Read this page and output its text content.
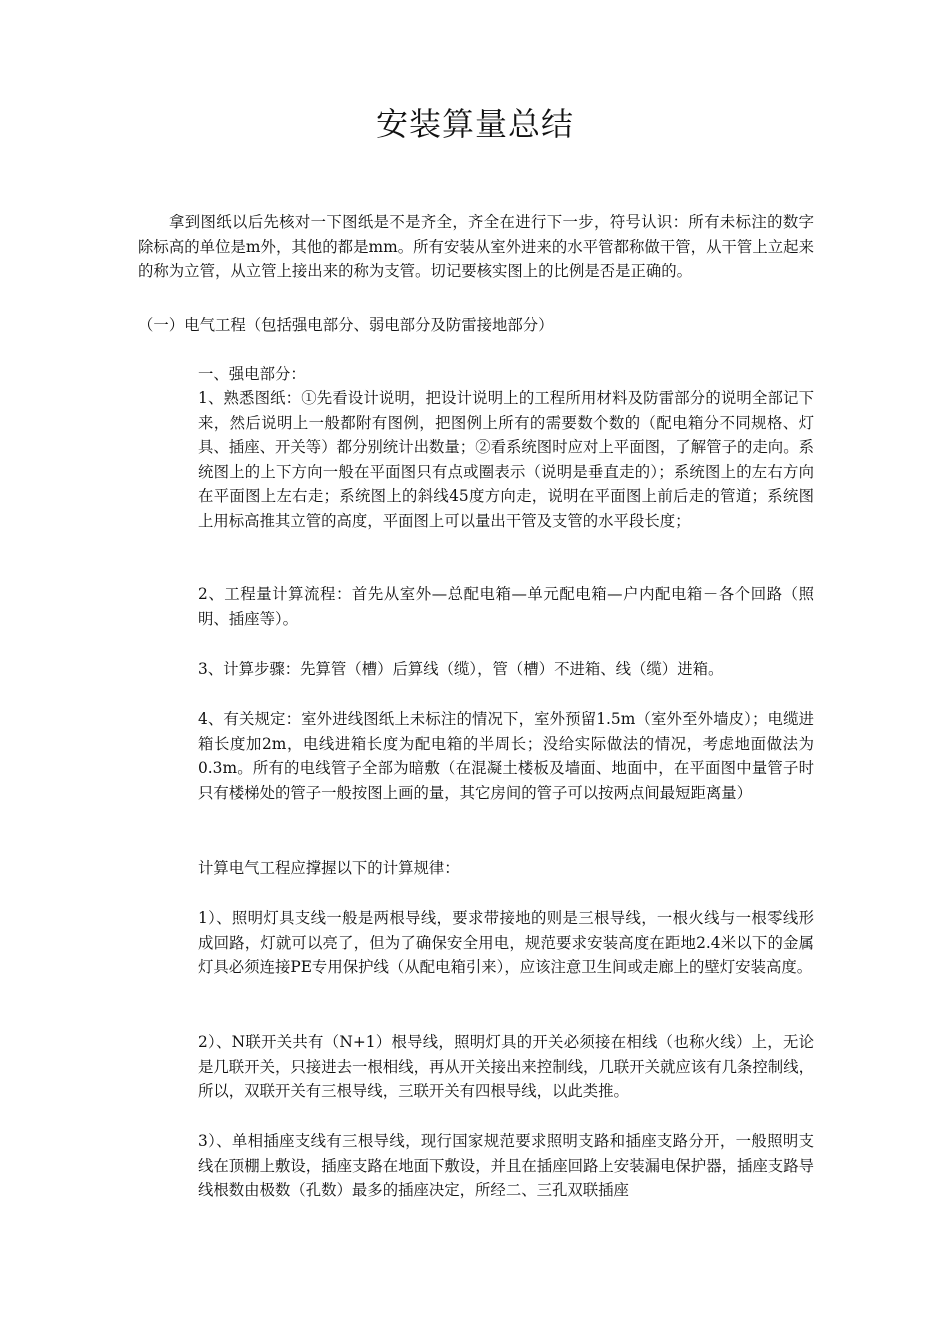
安装算量总结

拿到图纸以后先核对一下图纸是不是齐全，齐全在进行下一步，符号认识：所有未标注的数字除标高的单位是m外，其他的都是mm。所有安装从室外进来的水平管都称做干管，从干管上立起来的称为立管，从立管上接出来的称为支管。切记要核实图上的比例是否是正确的。

（一）电气工程（包括强电部分、弱电部分及防雷接地部分）

一、强电部分：

1、熟悉图纸：①先看设计说明，把设计说明上的工程所用材料及防雷部分的说明全部记下来，然后说明上一般都附有图例，把图例上所有的需要数个数的（配电箱分不同规格、灯具、插座、开关等）都分别统计出数量；②看系统图时应对上平面图，了解管子的走向。系统图上的上下方向一般在平面图只有点或圈表示（说明是垂直走的）；系统图上的左右方向在平面图上左右走；系统图上的斜线45度方向走，说明在平面图上前后走的管道；系统图上用标高推其立管的高度，平面图上可以量出干管及支管的水平段长度；

2、工程量计算流程：首先从室外—总配电箱—单元配电箱—户内配电箱－各个回路（照明、插座等）。

3、计算步骤：先算管（槽）后算线（缆），管（槽）不进箱、线（缆）进箱。

4、有关规定：室外进线图纸上未标注的情况下，室外预留1.5m（室外至外墙皮）；电缆进箱长度加2m，电线进箱长度为配电箱的半周长；没给实际做法的情况，考虑地面做法为0.3m。所有的电线管子全部为暗敷（在混凝土楼板及墙面、地面中，在平面图中量管子时只有楼梯处的管子一般按图上画的量，其它房间的管子可以按两点间最短距离量）

计算电气工程应撑握以下的计算规律：

1）、照明灯具支线一般是两根导线，要求带接地的则是三根导线，一根火线与一根零线形成回路，灯就可以亮了，但为了确保安全用电，规范要求安装高度在距地2.4米以下的金属灯具必须连接PE专用保护线（从配电箱引来），应该注意卫生间或走廊上的壁灯安装高度。

2）、N联开关共有（N+1）根导线，照明灯具的开关必须接在相线（也称火线）上，无论是几联开关，只接进去一根相线，再从开关接出来控制线，几联开关就应该有几条控制线，所以，双联开关有三根导线，三联开关有四根导线，以此类推。

3）、单相插座支线有三根导线，现行国家规范要求照明支路和插座支路分开，一般照明支线在顶棚上敷设，插座支路在地面下敷设，并且在插座回路上安装漏电保护器，插座支路导线根数由极数（孔数）最多的插座决定，所经二、三孔双联插座
